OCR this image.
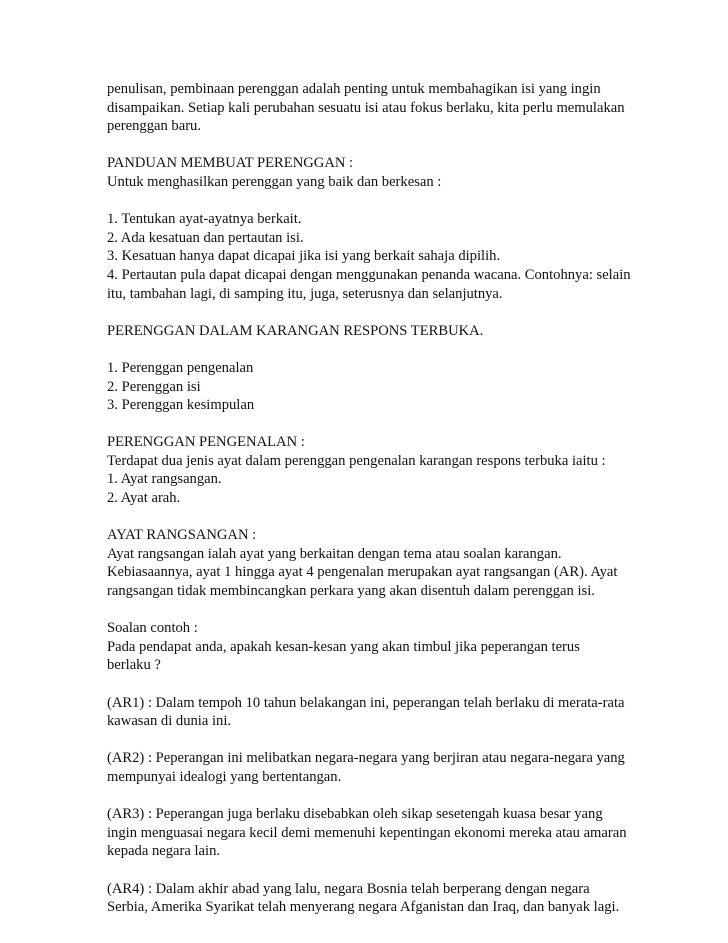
penulisan, pembinaan perenggan adalah penting untuk membahagikan isi yang ingin
disampaikan. Setiap kali perubahan sesuatu isi atau fokus berlaku, kita perlu memulakan
perenggan baru.
PANDUAN MEMBUAT PERENGGAN :
Untuk menghasilkan perenggan yang baik dan berkesan :
1. Tentukan ayat-ayatnya berkait.
2. Ada kesatuan dan pertautan isi.
3. Kesatuan hanya dapat dicapai jika isi yang berkait sahaja dipilih.
4. Pertautan pula dapat dicapai dengan menggunakan penanda wacana. Contohnya: selain
itu, tambahan lagi, di samping itu, juga, seterusnya dan selanjutnya.
PERENGGAN DALAM KARANGAN RESPONS TERBUKA.
1. Perenggan pengenalan
2. Perenggan isi
3. Perenggan kesimpulan
PERENGGAN PENGENALAN :
Terdapat dua jenis ayat dalam perenggan pengenalan karangan respons terbuka iaitu :
1. Ayat rangsangan.
2. Ayat arah.
AYAT RANGSANGAN :
Ayat rangsangan ialah ayat yang berkaitan dengan tema atau soalan karangan.
Kebiasaannya, ayat 1 hingga ayat 4 pengenalan merupakan ayat rangsangan (AR). Ayat
rangsangan tidak membincangkan perkara yang akan disentuh dalam perenggan isi.
Soalan contoh :
Pada pendapat anda, apakah kesan-kesan yang akan timbul jika peperangan terus
berlaku ?
(AR1) : Dalam tempoh 10 tahun belakangan ini, peperangan telah berlaku di merata-rata
kawasan di dunia ini.
(AR2) : Peperangan ini melibatkan negara-negara yang berjiran atau negara-negara yang
mempunyai idealogi yang bertentangan.
(AR3) : Peperangan juga berlaku disebabkan oleh sikap sesetengah kuasa besar yang
ingin menguasai negara kecil demi memenuhi kepentingan ekonomi mereka atau amaran
kepada negara lain.
(AR4) : Dalam akhir abad yang lalu, negara Bosnia telah berperang dengan negara
Serbia, Amerika Syarikat telah menyerang negara Afganistan dan Iraq, dan banyak lagi.
